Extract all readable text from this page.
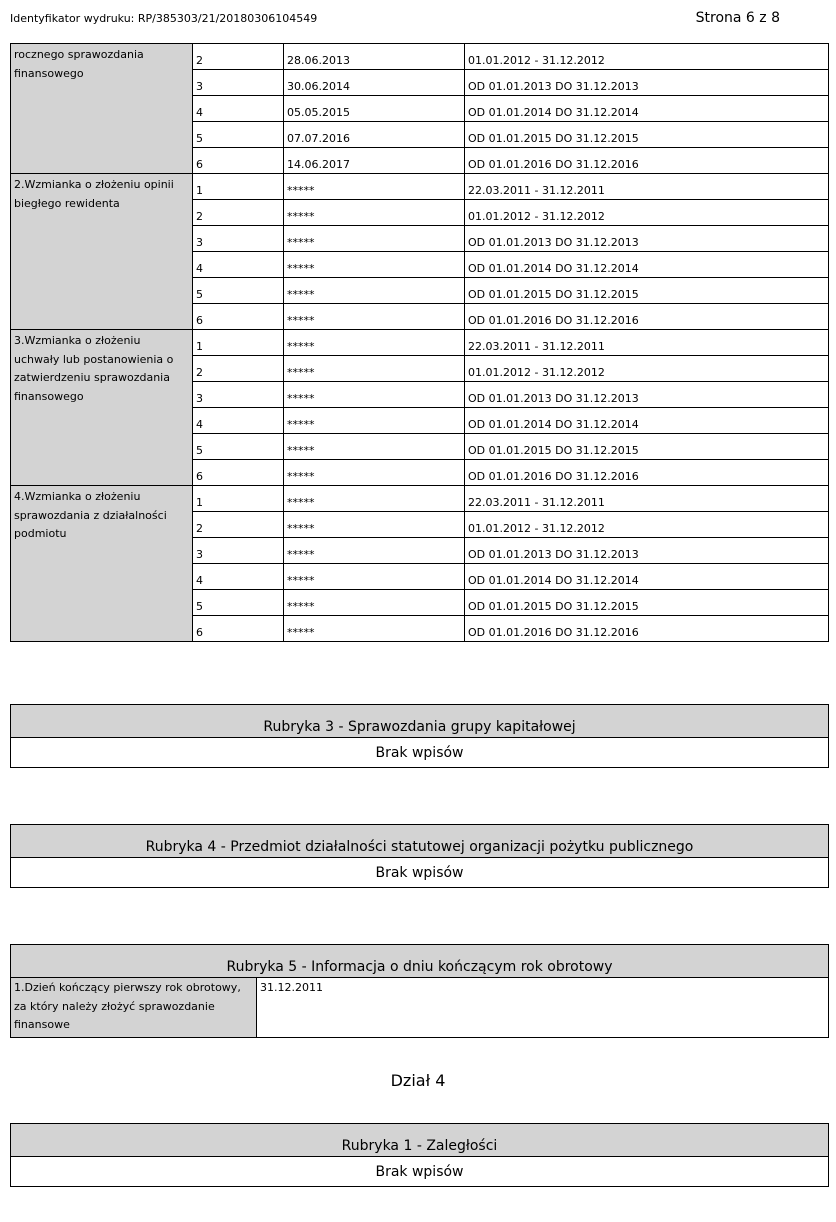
Identyfikator wydruku: RP/385303/21/20180306104549	Strona 6 z 8
rocznego sprawozdania finansowego	2	28.06.2013	01.01.2012 - 31.12.2012
	3	30.06.2014	OD 01.01.2013 DO 31.12.2013
	4	05.05.2015	OD 01.01.2014 DO 31.12.2014
	5	07.07.2016	OD 01.01.2015 DO 31.12.2015
	6	14.06.2017	OD 01.01.2016 DO 31.12.2016
2.Wzmianka o złożeniu opinii biegłego rewidenta	1	*****	22.03.2011 - 31.12.2011
	2	*****	01.01.2012 - 31.12.2012
	3	*****	OD 01.01.2013 DO 31.12.2013
	4	*****	OD 01.01.2014 DO 31.12.2014
	5	*****	OD 01.01.2015 DO 31.12.2015
	6	*****	OD 01.01.2016 DO 31.12.2016
3.Wzmianka o złożeniu uchwały lub postanowienia o zatwierdzeniu sprawozdania finansowego	1	*****	22.03.2011 - 31.12.2011
	2	*****	01.01.2012 - 31.12.2012
	3	*****	OD 01.01.2013 DO 31.12.2013
	4	*****	OD 01.01.2014 DO 31.12.2014
	5	*****	OD 01.01.2015 DO 31.12.2015
	6	*****	OD 01.01.2016 DO 31.12.2016
4.Wzmianka o złożeniu sprawozdania z działalności podmiotu	1	*****	22.03.2011 - 31.12.2011
	2	*****	01.01.2012 - 31.12.2012
	3	*****	OD 01.01.2013 DO 31.12.2013
	4	*****	OD 01.01.2014 DO 31.12.2014
	5	*****	OD 01.01.2015 DO 31.12.2015
	6	*****	OD 01.01.2016 DO 31.12.2016
Rubryka 3 - Sprawozdania grupy kapitałowej
Brak wpisów
Rubryka 4 - Przedmiot działalności statutowej organizacji pożytku publicznego
Brak wpisów
Rubryka 5 - Informacja o dniu kończącym rok obrotowy
1.Dzień kończący pierwszy rok obrotowy, za który należy złożyć sprawozdanie finansowe	31.12.2011
Dział 4
Rubryka 1 - Zaległości
Brak wpisów
